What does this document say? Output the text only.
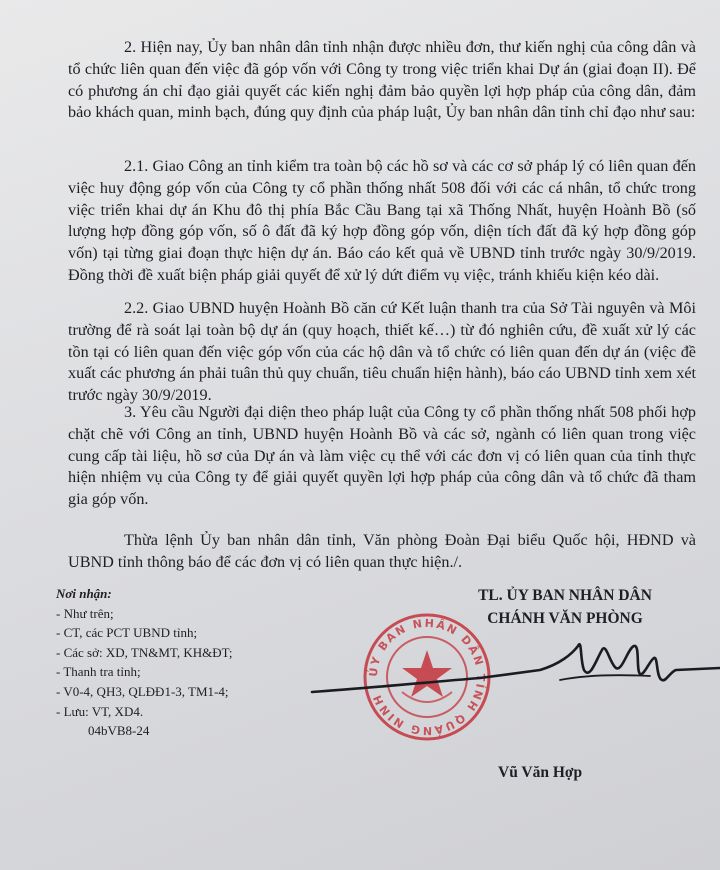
2. Hiện nay, Ủy ban nhân dân tỉnh nhận được nhiều đơn, thư kiến nghị của công dân và tổ chức liên quan đến việc đã góp vốn với Công ty trong việc triển khai Dự án (giai đoạn II). Để có phương án chỉ đạo giải quyết các kiến nghị đảm bảo quyền lợi hợp pháp của công dân, đảm bảo khách quan, minh bạch, đúng quy định của pháp luật, Ủy ban nhân dân tỉnh chỉ đạo như sau:

2.1. Giao Công an tỉnh kiểm tra toàn bộ các hồ sơ và các cơ sở pháp lý có liên quan đến việc huy động góp vốn của Công ty cổ phần thống nhất 508 đối với các cá nhân, tổ chức trong việc triển khai dự án Khu đô thị phía Bắc Cầu Bang tại xã Thống Nhất, huyện Hoành Bồ (số lượng hợp đồng góp vốn, số ô đất đã ký hợp đồng góp vốn, diện tích đất đã ký hợp đồng góp vốn) tại từng giai đoạn thực hiện dự án. Báo cáo kết quả về UBND tỉnh trước ngày 30/9/2019. Đồng thời đề xuất biện pháp giải quyết để xử lý dứt điểm vụ việc, tránh khiếu kiện kéo dài.

2.2. Giao UBND huyện Hoành Bồ căn cứ Kết luận thanh tra của Sở Tài nguyên và Môi trường để rà soát lại toàn bộ dự án (quy hoạch, thiết kế…) từ đó nghiên cứu, đề xuất xử lý các tồn tại có liên quan đến việc góp vốn của các hộ dân và tổ chức có liên quan đến dự án (việc đề xuất các phương án phải tuân thủ quy chuẩn, tiêu chuẩn hiện hành), báo cáo UBND tỉnh xem xét trước ngày 30/9/2019.

3. Yêu cầu Người đại diện theo pháp luật của Công ty cổ phần thống nhất 508 phối hợp chặt chẽ với Công an tỉnh, UBND huyện Hoành Bồ và các sở, ngành có liên quan trong việc cung cấp tài liệu, hồ sơ của Dự án và làm việc cụ thể với các đơn vị có liên quan của tỉnh thực hiện nhiệm vụ của Công ty để giải quyết quyền lợi hợp pháp của công dân và tổ chức đã tham gia góp vốn.

Thừa lệnh Ủy ban nhân dân tỉnh, Văn phòng Đoàn Đại biểu Quốc hội, HĐND và UBND tỉnh thông báo để các đơn vị có liên quan thực hiện./.

Nơi nhận:
- Như trên;
- CT, các PCT UBND tỉnh;
- Các sở: XD, TN&MT, KH&ĐT;
- Thanh tra tỉnh;
- V0-4, QH3, QLĐĐ1-3, TM1-4;
- Lưu: VT, XD4.
04bVB8-24
TL. ỦY BAN NHÂN DÂN
CHÁNH VĂN PHÒNG
ỦY BAN NHÂN DÂN TỈNH QUẢNG NINH
Vũ Văn Hợp
